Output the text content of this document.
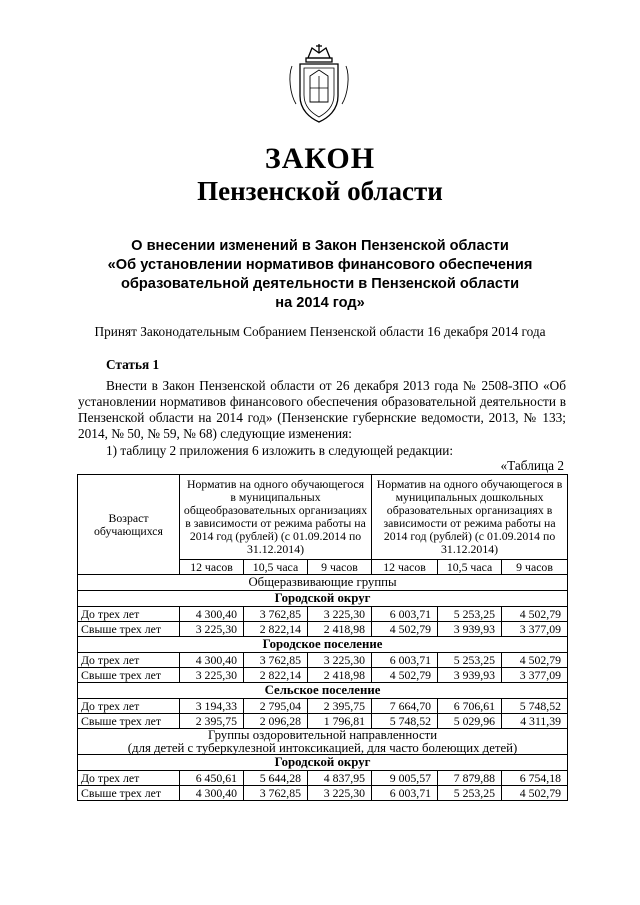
ЗАКОН
Пензенской области
О внесении изменений в Закон Пензенской области
«Об установлении нормативов финансового обеспечения
образовательной деятельности в Пензенской области
на 2014 год»
Принят Законодательным Собранием Пензенской области 16 декабря 2014 года
Статья 1
Внести в Закон Пензенской области от 26 декабря 2013 года № 2508-ЗПО «Об установлении нормативов финансового обеспечения образовательной деятельности в Пензенской области на 2014 год» (Пензенские губернские ведомости, 2013, № 133; 2014, № 50, № 59, № 68) следующие изменения:
1) таблицу 2 приложения 6 изложить в следующей редакции:
«Таблица 2
Возраст обучающихся	Норматив на одного обучающегося в муниципальных общеобразовательных организациях в зависимости от режима работы на 2014 год (рублей) (с 01.09.2014 по 31.12.2014)			Норматив на одного обучающегося в муниципальных дошкольных образовательных организациях в зависимости от режима работы на 2014 год (рублей) (с 01.09.2014 по 31.12.2014)		
	12 часов	10,5 часа	9 часов	12 часов	10,5 часа	9 часов
Общеразвивающие группы						
Городской округ						
До трех лет	4 300,40	3 762,85	3 225,30	6 003,71	5 253,25	4 502,79
Свыше трех лет	3 225,30	2 822,14	2 418,98	4 502,79	3 939,93	3 377,09
Городское поселение						
До трех лет	4 300,40	3 762,85	3 225,30	6 003,71	5 253,25	4 502,79
Свыше трех лет	3 225,30	2 822,14	2 418,98	4 502,79	3 939,93	3 377,09
Сельское поселение						
До трех лет	3 194,33	2 795,04	2 395,75	7 664,70	6 706,61	5 748,52
Свыше трех лет	2 395,75	2 096,28	1 796,81	5 748,52	5 029,96	4 311,39

Группы оздоровительной направленности
(для детей с туберкулезной интоксикацией, для часто болеющих детей)						

Городской округ						
До трех лет	6 450,61	5 644,28	4 837,95	9 005,57	7 879,88	6 754,18
Свыше трех лет	4 300,40	3 762,85	3 225,30	6 003,71	5 253,25	4 502,79
